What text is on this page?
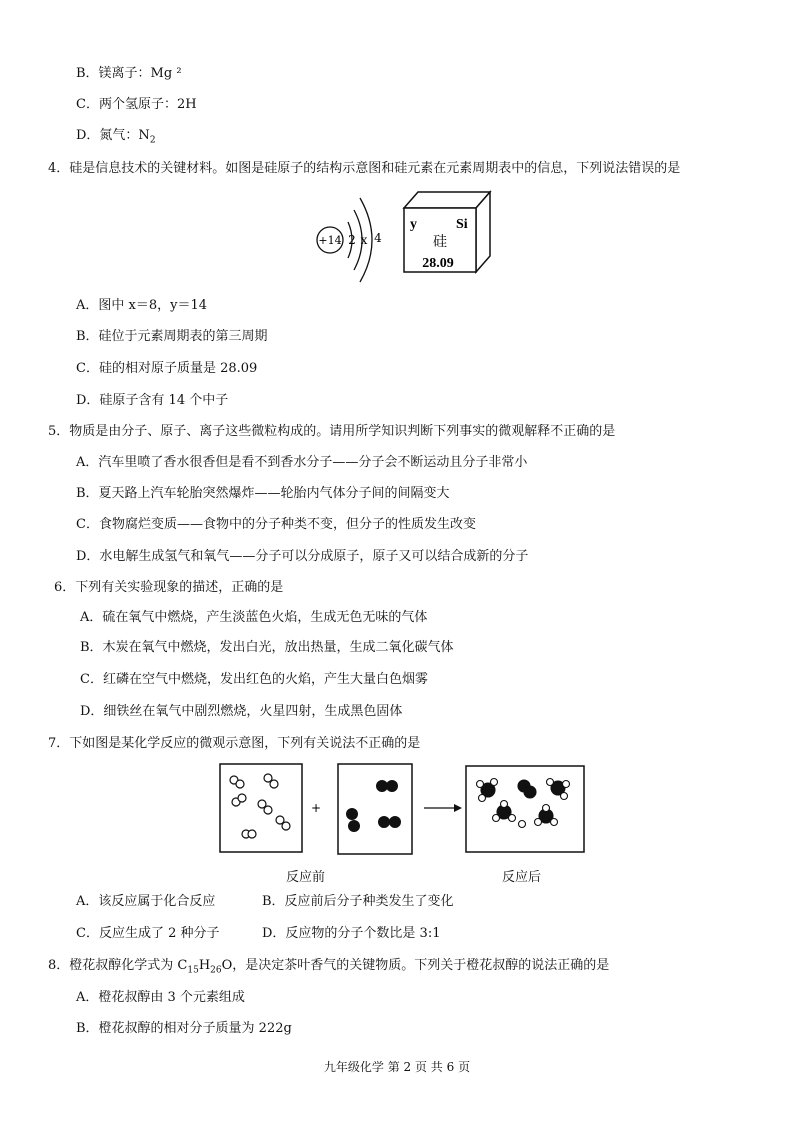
B．镁离子：Mg ²
C．两个氢原子：2H
D．氮气：$N_2$
4．硅是信息技术的关键材料。如图是硅原子的结构示意图和硅元素在元素周期表中的信息，下列说法错误的是
+14 2 x 4
y	Si
硅
28.09
A．图中 x＝8，y＝14
B．硅位于元素周期表的第三周期
C．硅的相对原子质量是 28.09
D．硅原子含有 14 个中子
5．物质是由分子、原子、离子这些微粒构成的。请用所学知识判断下列事实的微观解释不正确的是
A．汽车里喷了香水很香但是看不到香水分子——分子会不断运动且分子非常小
B．夏天路上汽车轮胎突然爆炸——轮胎内气体分子间的间隔变大
C．食物腐烂变质——食物中的分子种类不变，但分子的性质发生改变
D．水电解生成氢气和氧气——分子可以分成原子，原子又可以结合成新的分子
6．下列有关实验现象的描述，正确的是
A．硫在氧气中燃烧，产生淡蓝色火焰，生成无色无味的气体
B．木炭在氧气中燃烧，发出白光，放出热量，生成二氧化碳气体
C．红磷在空气中燃烧，发出红色的火焰，产生大量白色烟雾
D．细铁丝在氧气中剧烈燃烧，火星四射，生成黑色固体
7．下如图是某化学反应的微观示意图，下列有关说法不正确的是
+
反应前	反应后
A．该反应属于化合反应	B．反应前后分子种类发生了变化
C．反应生成了 2 种分子	D．反应物的分子个数比是 3:1
8．橙花叔醇化学式为 $C_{15}H_{26}O$，是决定茶叶香气的关键物质。下列关于橙花叔醇的说法正确的是
A．橙花叔醇由 3 个元素组成
B．橙花叔醇的相对分子质量为 222g
九年级化学 第 2 页 共 6 页
